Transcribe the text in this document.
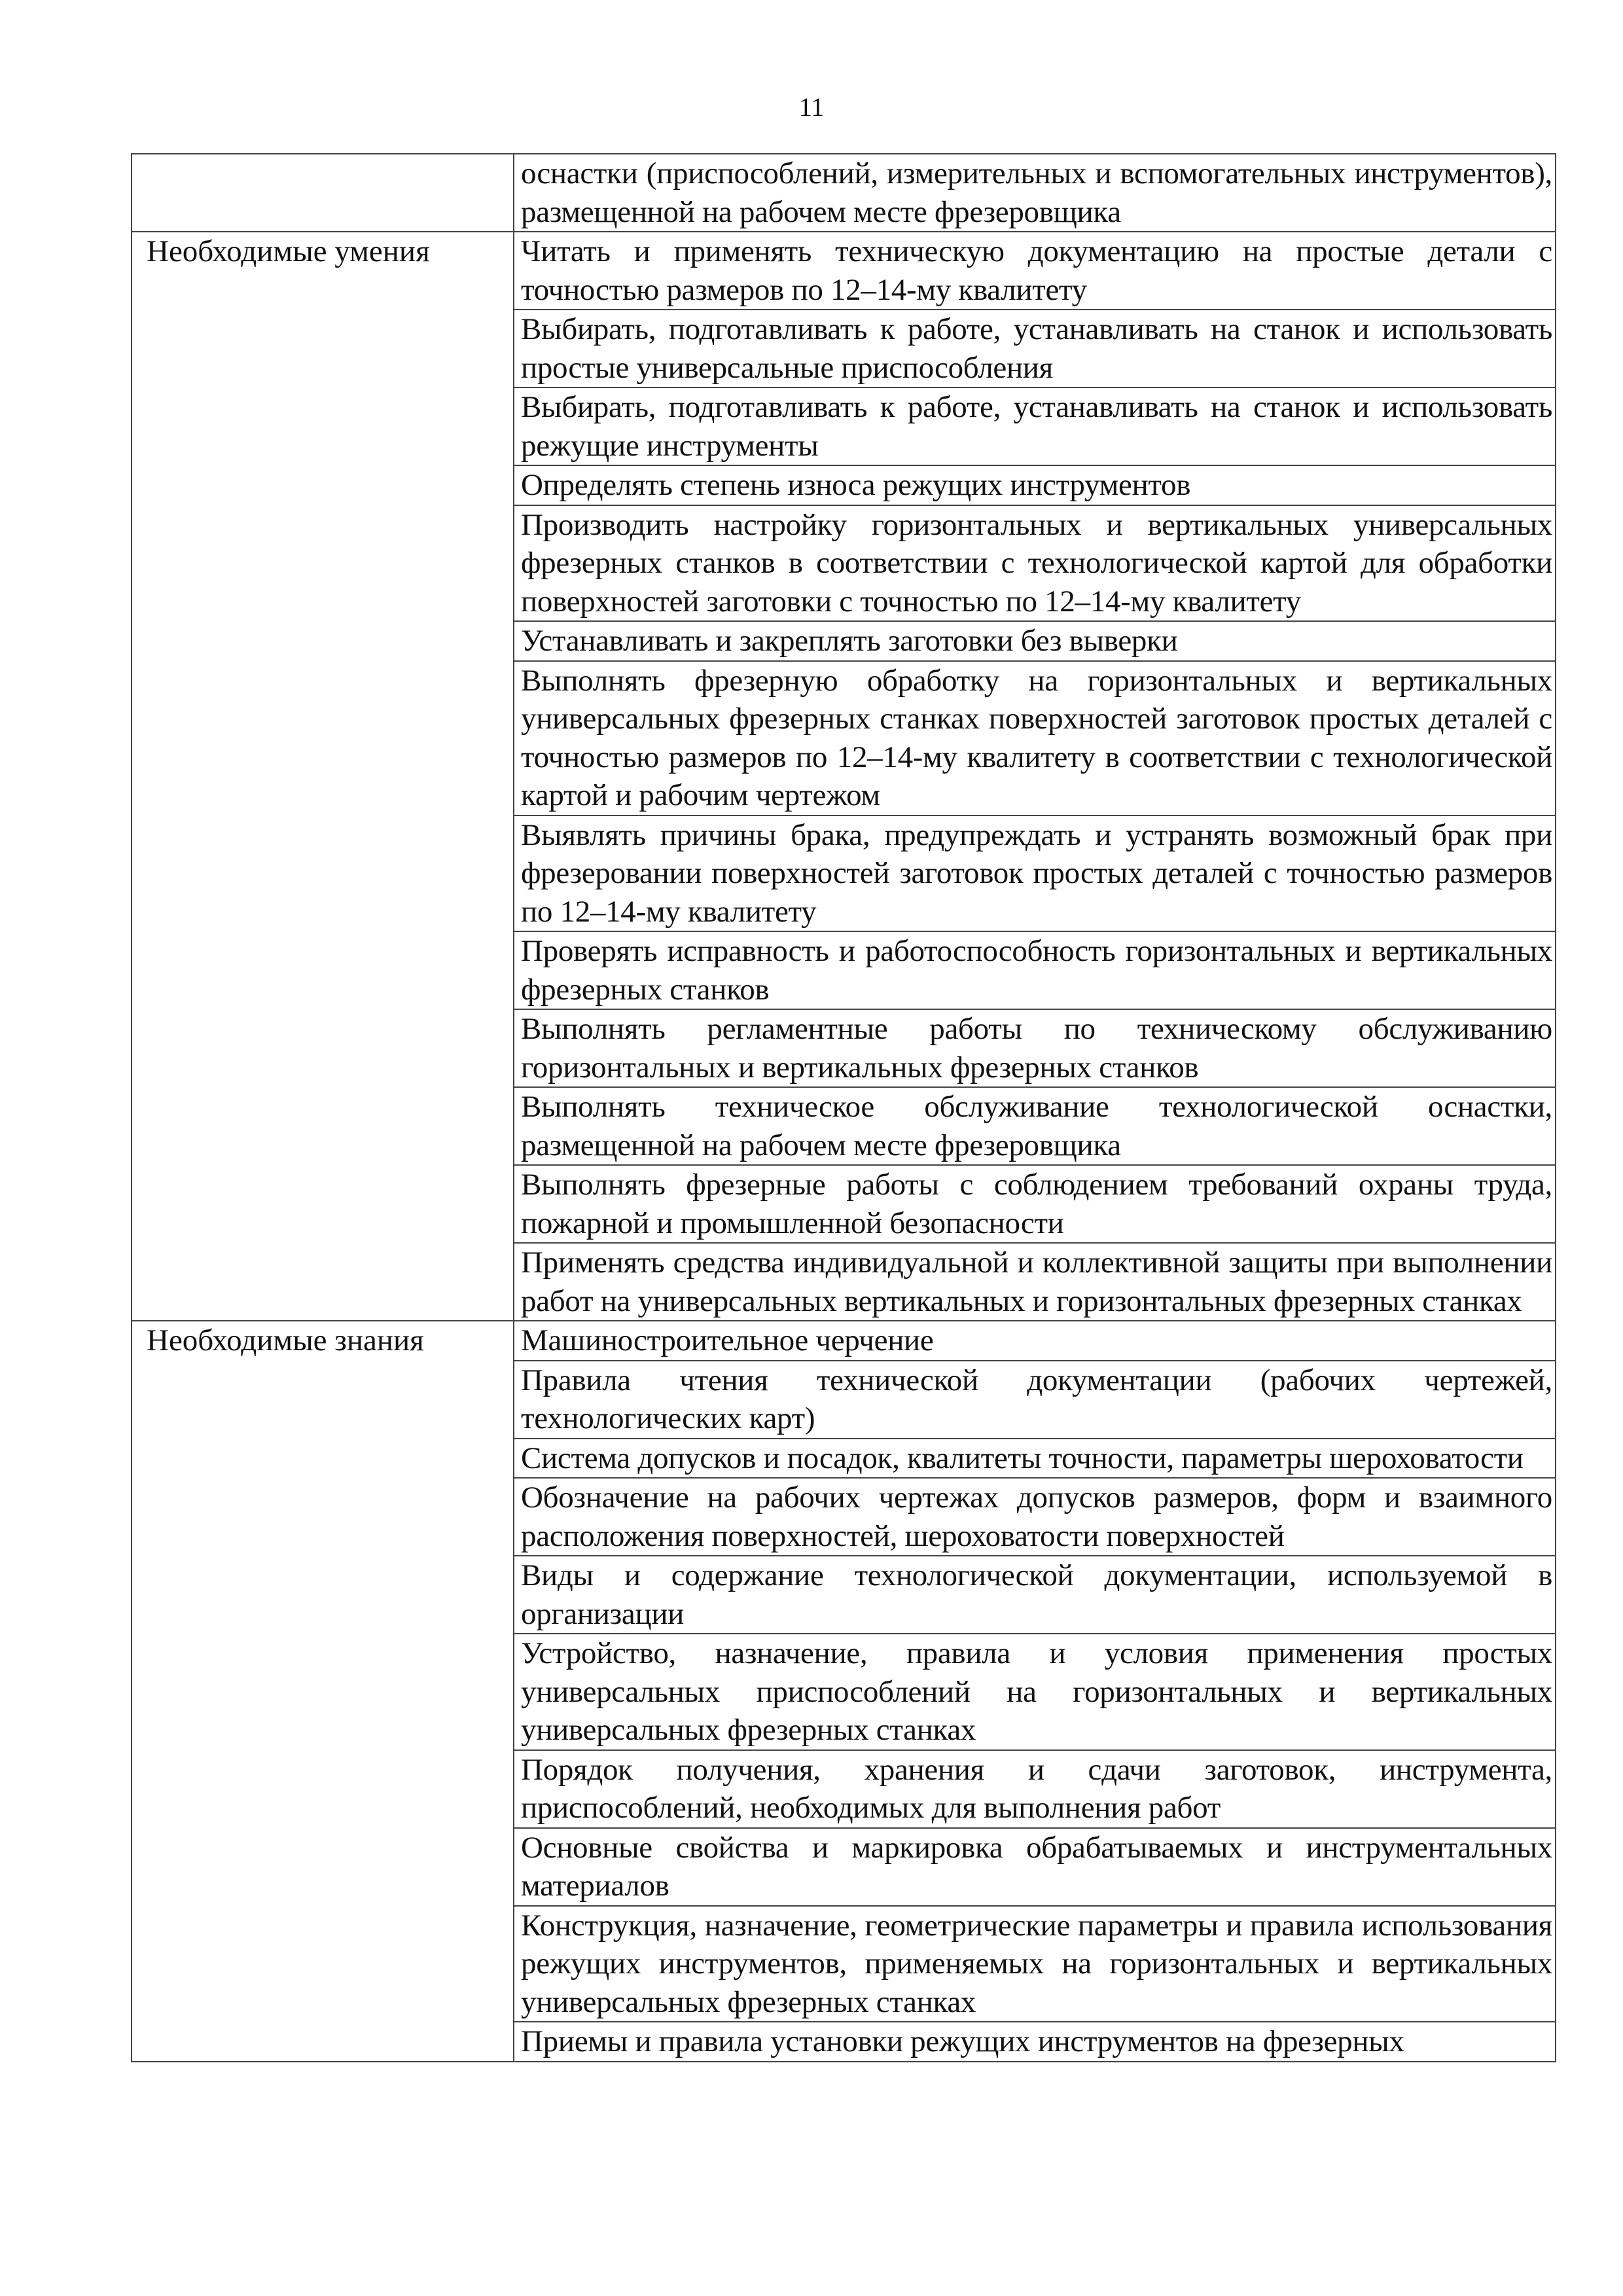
11
	оснастки (приспособлений, измерительных и вспомогательных инструментов), размещенной на рабочем месте фрезеровщика
Необходимые умения	Читать и применять техническую документацию на простые детали с точностью размеров по 12–14-му квалитету
	Выбирать, подготавливать к работе, устанавливать на станок и использовать простые универсальные приспособления
	Выбирать, подготавливать к работе, устанавливать на станок и использовать режущие инструменты
	Определять степень износа режущих инструментов
	Производить настройку горизонтальных и вертикальных универсальных фрезерных станков в соответствии с технологической картой для обработки поверхностей заготовки с точностью по 12–14-му квалитету
	Устанавливать и закреплять заготовки без выверки
	Выполнять фрезерную обработку на горизонтальных и вертикальных универсальных фрезерных станках поверхностей заготовок простых деталей с точностью размеров по 12–14-му квалитету в соответствии с технологической картой и рабочим чертежом
	Выявлять причины брака, предупреждать и устранять возможный брак при фрезеровании поверхностей заготовок простых деталей с точностью размеров по 12–14-му квалитету
	Проверять исправность и работоспособность горизонтальных и вертикальных фрезерных станков
	Выполнять регламентные работы по техническому обслуживанию горизонтальных и вертикальных фрезерных станков
	Выполнять техническое обслуживание технологической оснастки, размещенной на рабочем месте фрезеровщика
	Выполнять фрезерные работы с соблюдением требований охраны труда, пожарной и промышленной безопасности
	Применять средства индивидуальной и коллективной защиты при выполнении работ на универсальных вертикальных и горизонтальных фрезерных станках
Необходимые знания	Машиностроительное черчение
	Правила чтения технической документации (рабочих чертежей, технологических карт)
	Система допусков и посадок, квалитеты точности, параметры шероховатости
	Обозначение на рабочих чертежах допусков размеров, форм и взаимного расположения поверхностей, шероховатости поверхностей
	Виды и содержание технологической документации, используемой в организации
	Устройство, назначение, правила и условия применения простых универсальных приспособлений на горизонтальных и вертикальных универсальных фрезерных станках
	Порядок получения, хранения и сдачи заготовок, инструмента, приспособлений, необходимых для выполнения работ
	Основные свойства и маркировка обрабатываемых и инструментальных материалов
	Конструкция, назначение, геометрические параметры и правила использования режущих инструментов, применяемых на горизонтальных и вертикальных универсальных фрезерных станках
	Приемы и правила установки режущих инструментов на фрезерных
